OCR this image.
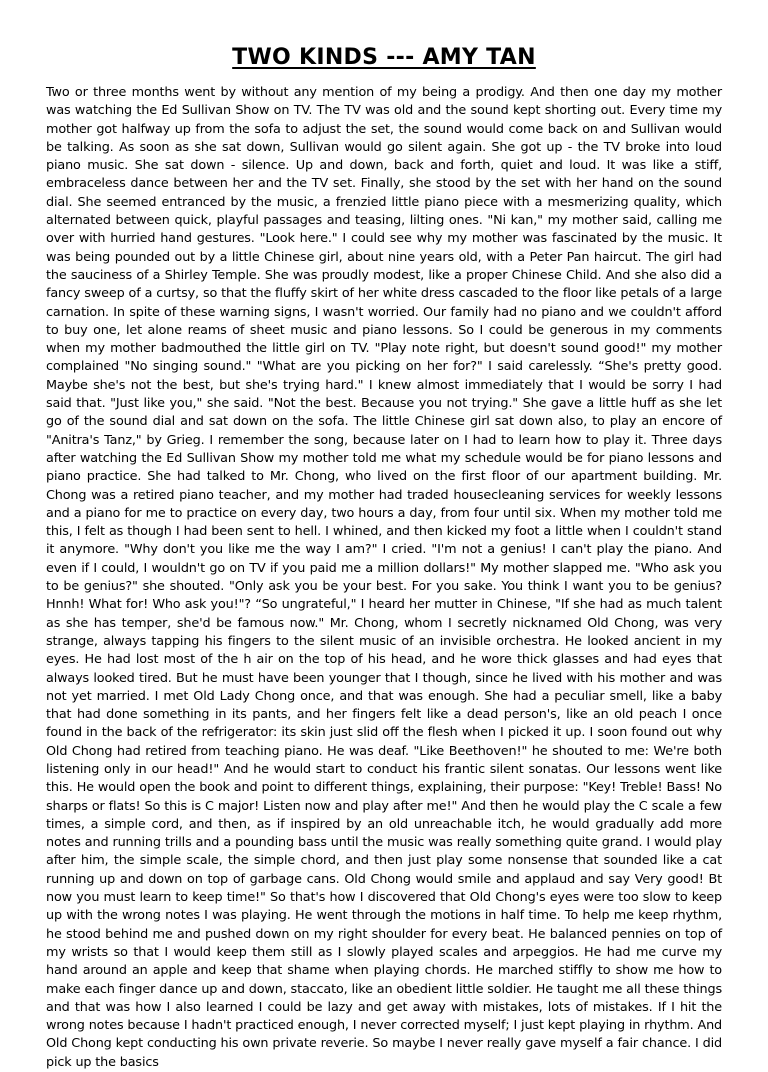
TWO KINDS --- AMY TAN

Two or three months went by without any mention of my being a prodigy. And then one day my mother was watching the Ed Sullivan Show on TV. The TV was old and the sound kept shorting out. Every time my mother got halfway up from the sofa to adjust the set, the sound would come back on and Sullivan would be talking. As soon as she sat down, Sullivan would go silent again. She got up - the TV broke into loud piano music. She sat down - silence. Up and down, back and forth, quiet and loud. It was like a stiff, embraceless dance between her and the TV set. Finally, she stood by the set with her hand on the sound dial. She seemed entranced by the music, a frenzied little piano piece with a mesmerizing quality, which alternated between quick, playful passages and teasing, lilting ones. "Ni kan," my mother said, calling me over with hurried hand gestures. "Look here." I could see why my mother was fascinated by the music. It was being pounded out by a little Chinese girl, about nine years old, with a Peter Pan haircut. The girl had the sauciness of a Shirley Temple. She was proudly modest, like a proper Chinese Child. And she also did a fancy sweep of a curtsy, so that the fluffy skirt of her white dress cascaded to the floor like petals of a large carnation. In spite of these warning signs, I wasn't worried. Our family had no piano and we couldn't afford to buy one, let alone reams of sheet music and piano lessons. So I could be generous in my comments when my mother badmouthed the little girl on TV. "Play note right, but doesn't sound good!" my mother complained "No singing sound." "What are you picking on her for?" I said carelessly. “She's pretty good. Maybe she's not the best, but she's trying hard." I knew almost immediately that I would be sorry I had said that. "Just like you," she said. "Not the best. Because you not trying." She gave a little huff as she let go of the sound dial and sat down on the sofa. The little Chinese girl sat down also, to play an encore of "Anitra's Tanz," by Grieg. I remember the song, because later on I had to learn how to play it. Three days after watching the Ed Sullivan Show my mother told me what my schedule would be for piano lessons and piano practice. She had talked to Mr. Chong, who lived on the first floor of our apartment building. Mr. Chong was a retired piano teacher, and my mother had traded housecleaning services for weekly lessons and a piano for me to practice on every day, two hours a day, from four until six. When my mother told me this, I felt as though I had been sent to hell. I whined, and then kicked my foot a little when I couldn't stand it anymore. "Why don't you like me the way I am?" I cried. "I'm not a genius! I can't play the piano. And even if I could, I wouldn't go on TV if you paid me a million dollars!" My mother slapped me. "Who ask you to be genius?" she shouted. "Only ask you be your best. For you sake. You think I want you to be genius? Hnnh! What for! Who ask you!"? “So ungrateful," I heard her mutter in Chinese, "If she had as much talent as she has temper, she'd be famous now." Mr. Chong, whom I secretly nicknamed Old Chong, was very strange, always tapping his fingers to the silent music of an invisible orchestra. He looked ancient in my eyes. He had lost most of the h air on the top of his head, and he wore thick glasses and had eyes that always looked tired. But he must have been younger that I though, since he lived with his mother and was not yet married. I met Old Lady Chong once, and that was enough. She had a peculiar smell, like a baby that had done something in its pants, and her fingers felt like a dead person's, like an old peach I once found in the back of the refrigerator: its skin just slid off the flesh when I picked it up. I soon found out why Old Chong had retired from teaching piano. He was deaf. "Like Beethoven!" he shouted to me: We're both listening only in our head!" And he would start to conduct his frantic silent sonatas. Our lessons went like this. He would open the book and point to different things, explaining, their purpose: "Key! Treble! Bass! No sharps or flats! So this is C major! Listen now and play after me!" And then he would play the C scale a few times, a simple cord, and then, as if inspired by an old unreachable itch, he would gradually add more notes and running trills and a pounding bass until the music was really something quite grand. I would play after him, the simple scale, the simple chord, and then just play some nonsense that sounded like a cat running up and down on top of garbage cans. Old Chong would smile and applaud and say Very good! Bt now you must learn to keep time!" So that's how I discovered that Old Chong's eyes were too slow to keep up with the wrong notes I was playing. He went through the motions in half time. To help me keep rhythm, he stood behind me and pushed down on my right shoulder for every beat. He balanced pennies on top of my wrists so that I would keep them still as I slowly played scales and arpeggios. He had me curve my hand around an apple and keep that shame when playing chords. He marched stiffly to show me how to make each finger dance up and down, staccato, like an obedient little soldier. He taught me all these things and that was how I also learned I could be lazy and get away with mistakes, lots of mistakes. If I hit the wrong notes because I hadn't practiced enough, I never corrected myself; I just kept playing in rhythm. And Old Chong kept conducting his own private reverie. So maybe I never really gave myself a fair chance. I did pick up the basics
